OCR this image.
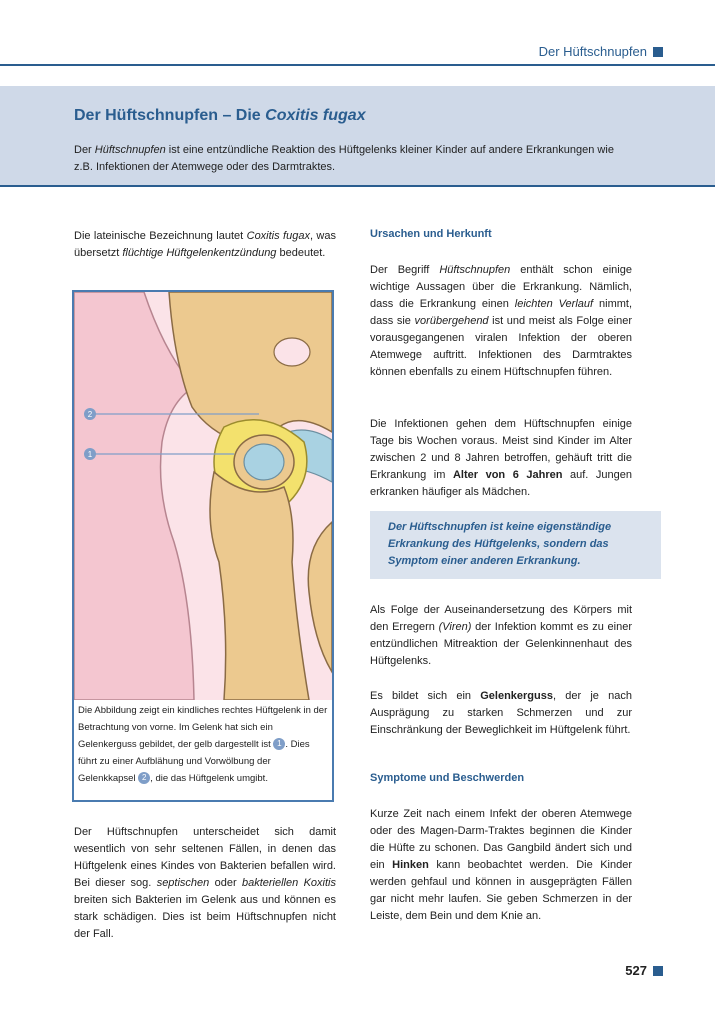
Der Hüftschnupfen
Der Hüftschnupfen – Die Coxitis fugax

Der Hüftschnupfen ist eine entzündliche Reaktion des Hüftgelenks kleiner Kinder auf andere Erkrankungen wie z.B. Infektionen der Atemwege oder des Darmtraktes.

Die lateinische Bezeichnung lautet Coxitis fugax, was übersetzt flüchtige Hüftgelenkentzündung bedeutet.
2
1
Die Abbildung zeigt ein kindliches rechtes Hüftgelenk in der Betrachtung von vorne. Im Gelenk hat sich ein Gelenkerguss gebildet, der gelb dargestellt ist 1 . Dies führt zu einer Aufblähung und Vorwölbung der Gelenkkapsel 2 , die das Hüftgelenk umgibt.
Der Hüftschnupfen unterscheidet sich damit wesentlich von sehr seltenen Fällen, in denen das Hüftgelenk eines Kindes von Bakterien befallen wird. Bei dieser sog. septischen oder bakteriellen Koxitis breiten sich Bakterien im Gelenk aus und können es stark schädigen. Dies ist beim Hüftschnupfen nicht der Fall.
Ursachen und Herkunft
Der Begriff Hüftschnupfen enthält schon einige wichtige Aussagen über die Erkrankung. Nämlich, dass die Erkrankung einen leichten Verlauf nimmt, dass sie vorübergehend ist und meist als Folge einer vorausgegangenen viralen Infektion der oberen Atemwege auftritt. Infektionen des Darmtraktes können ebenfalls zu einem Hüftschnupfen führen.
Die Infektionen gehen dem Hüftschnupfen einige Tage bis Wochen voraus. Meist sind Kinder im Alter zwischen 2 und 8 Jahren betroffen, gehäuft tritt die Erkrankung im Alter von 6 Jahren auf. Jungen erkranken häufiger als Mädchen.
Der Hüftschnupfen ist keine eigenständige Erkrankung des Hüftgelenks, sondern das Symptom einer anderen Erkrankung.
Als Folge der Auseinandersetzung des Körpers mit den Erregern (Viren) der Infektion kommt es zu einer entzündlichen Mitreaktion der Gelenkinnenhaut des Hüftgelenks.
Es bildet sich ein Gelenkerguss, der je nach Ausprägung zu starken Schmerzen und zur Einschränkung der Beweglichkeit im Hüftgelenk führt.
Symptome und Beschwerden
Kurze Zeit nach einem Infekt der oberen Atemwege oder des Magen-Darm-Traktes beginnen die Kinder die Hüfte zu schonen. Das Gangbild ändert sich und ein Hinken kann beobachtet werden. Die Kinder werden gehfaul und können in ausgeprägten Fällen gar nicht mehr laufen. Sie geben Schmerzen in der Leiste, dem Bein und dem Knie an.
527
